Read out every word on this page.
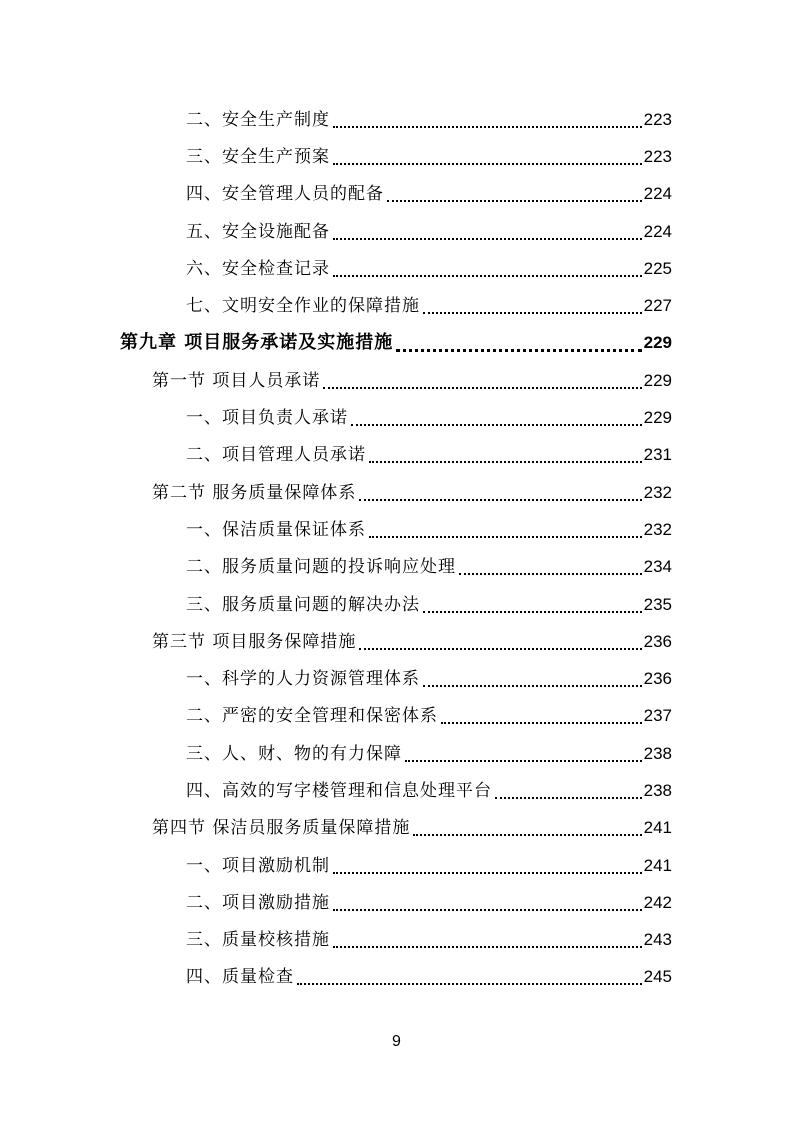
二、安全生产制度	223
三、安全生产预案	223
四、安全管理人员的配备	224
五、安全设施配备	224
六、安全检查记录	225
七、文明安全作业的保障措施	227
第九章 项目服务承诺及实施措施	229
第一节 项目人员承诺	229
一、项目负责人承诺	229
二、项目管理人员承诺	231
第二节 服务质量保障体系	232
一、保洁质量保证体系	232
二、服务质量问题的投诉响应处理	234
三、服务质量问题的解决办法	235
第三节 项目服务保障措施	236
一、科学的人力资源管理体系	236
二、严密的安全管理和保密体系	237
三、人、财、物的有力保障	238
四、高效的写字楼管理和信息处理平台	238
第四节 保洁员服务质量保障措施	241
一、项目激励机制	241
二、项目激励措施	242
三、质量校核措施	243
四、质量检查	245
9
